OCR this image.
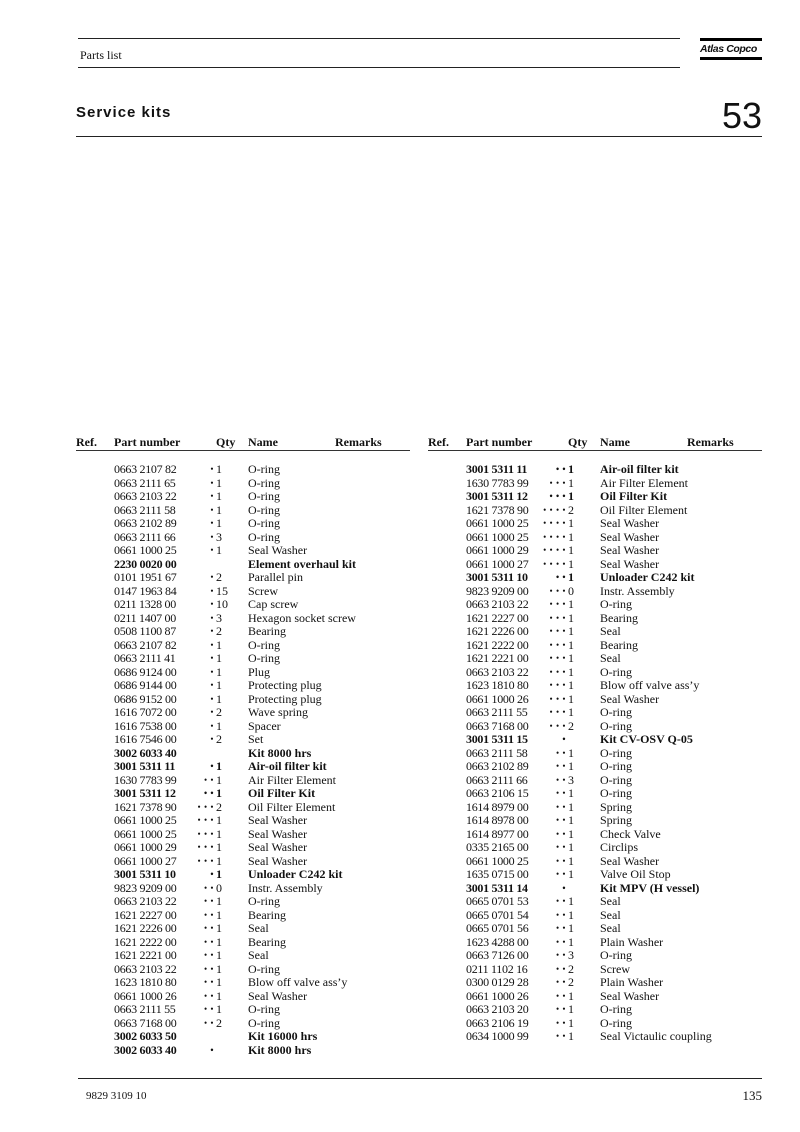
Parts list	Atlas Copco
Service kits	53
Ref. Part number	Qty Name	Remarks
0663 2107 82	• 1 O-ring
0663 2111 65	• 1 O-ring
0663 2103 22	• 1 O-ring
0663 2111 58	• 1 O-ring
0663 2102 89	• 1 O-ring
0663 2111 66	• 3 O-ring
0661 1000 25	• 1 Seal Washer
2230 0020 00	Element overhaul kit
0101 1951 67	• 2 Parallel pin
0147 1963 84	• 15 Screw
0211 1328 00	• 10 Cap screw
0211 1407 00	• 3 Hexagon socket screw
0508 1100 87	• 2 Bearing
0663 2107 82	• 1 O-ring
0663 2111 41	• 1 O-ring
0686 9124 00	• 1 Plug
0686 9144 00	• 1 Protecting plug
0686 9152 00	• 1 Protecting plug
1616 7072 00	• 2 Wave spring
1616 7538 00	• 1 Spacer
1616 7546 00	• 2 Set
3002 6033 40	Kit 8000 hrs
3001 5311 11	• 1 Air-oil filter kit
1630 7783 99	• • 1 Air Filter Element
3001 5311 12	• • 1 Oil Filter Kit
1621 7378 90	• • • 2 Oil Filter Element
0661 1000 25	• • • 1 Seal Washer
0661 1000 25	• • • 1 Seal Washer
0661 1000 29	• • • 1 Seal Washer
0661 1000 27	• • • 1 Seal Washer
3001 5311 10	• 1 Unloader C242 kit
9823 9209 00	• • 0 Instr. Assembly
0663 2103 22	• • 1 O-ring
1621 2227 00	• • 1 Bearing
1621 2226 00	• • 1 Seal
1621 2222 00	• • 1 Bearing
1621 2221 00	• • 1 Seal
0663 2103 22	• • 1 O-ring
1623 1810 80	• • 1 Blow off valve ass’y
0661 1000 26	• • 1 Seal Washer
0663 2111 55	• • 1 O-ring
0663 7168 00	• • 2 O-ring
3002 6033 50	Kit 16000 hrs
3002 6033 40	•	Kit 8000 hrs
Ref. Part number	Qty Name	Remarks
3001 5311 11	• • 1 Air-oil filter kit
1630 7783 99	• • • 1 Air Filter Element
3001 5311 12	• • • 1 Oil Filter Kit
1621 7378 90	• • • • 2 Oil Filter Element
0661 1000 25	• • • • 1 Seal Washer
0661 1000 25	• • • • 1 Seal Washer
0661 1000 29	• • • • 1 Seal Washer
0661 1000 27	• • • • 1 Seal Washer
3001 5311 10	• • 1 Unloader C242 kit
9823 9209 00	• • • 0 Instr. Assembly
0663 2103 22	• • • 1 O-ring
1621 2227 00	• • • 1 Bearing
1621 2226 00	• • • 1 Seal
1621 2222 00	• • • 1 Bearing
1621 2221 00	• • • 1 Seal
0663 2103 22	• • • 1 O-ring
1623 1810 80	• • • 1 Blow off valve ass’y
0661 1000 26	• • • 1 Seal Washer
0663 2111 55	• • • 1 O-ring
0663 7168 00	• • • 2 O-ring
3001 5311 15	•	Kit CV-OSV Q-05
0663 2111 58	• • 1 O-ring
0663 2102 89	• • 1 O-ring
0663 2111 66	• • 3 O-ring
0663 2106 15	• • 1 O-ring
1614 8979 00	• • 1 Spring
1614 8978 00	• • 1 Spring
1614 8977 00	• • 1 Check Valve
0335 2165 00	• • 1 Circlips
0661 1000 25	• • 1 Seal Washer
1635 0715 00	• • 1 Valve Oil Stop
3001 5311 14	•	Kit MPV (H vessel)
0665 0701 53	• • 1 Seal
0665 0701 54	• • 1 Seal
0665 0701 56	• • 1 Seal
1623 4288 00	• • 1 Plain Washer
0663 7126 00	• • 3 O-ring
0211 1102 16	• • 2 Screw
0300 0129 28	• • 2 Plain Washer
0661 1000 26	• • 1 Seal Washer
0663 2103 20	• • 1 O-ring
0663 2106 19	• • 1 O-ring
0634 1000 99	• • 1 Seal Victaulic coupling
9829 3109 10	135
